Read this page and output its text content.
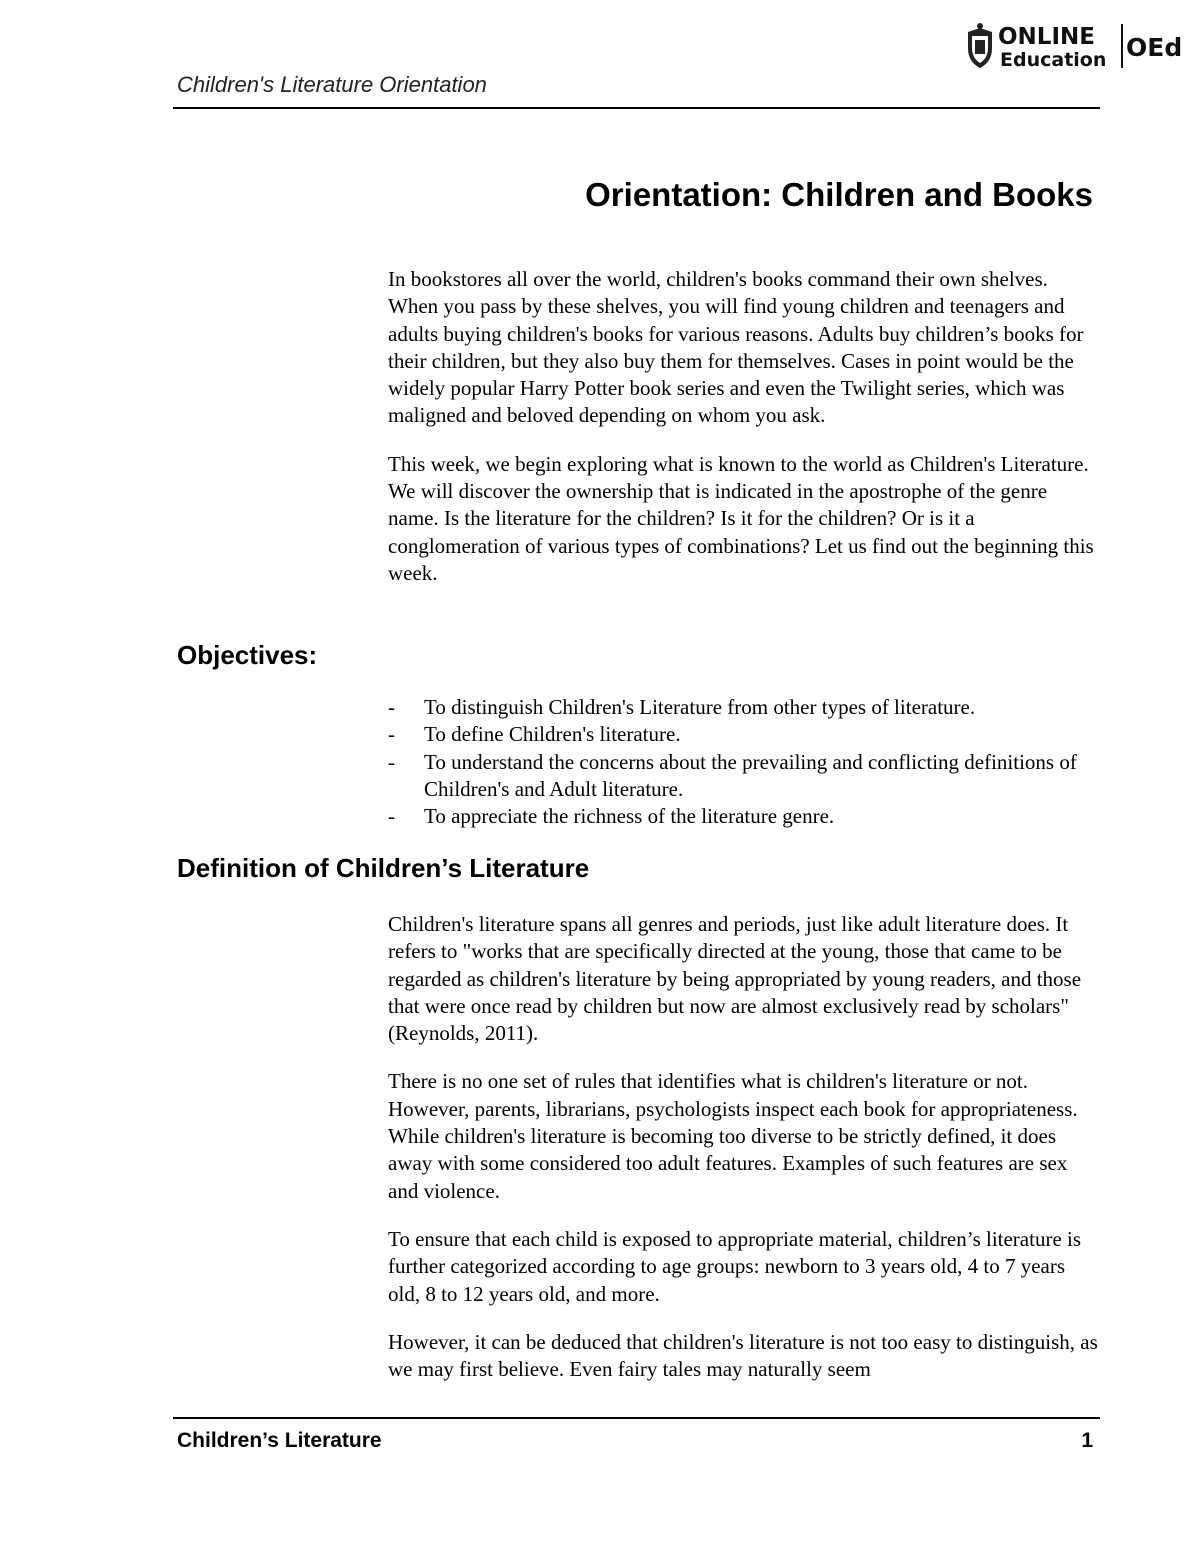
Children's Literature Orientation
ONLINE
Education OEd
Orientation: Children and Books

In bookstores all over the world, children's books command their own shelves. When you pass by these shelves, you will find young children and teenagers and adults buying children's books for various reasons. Adults buy children’s books for their children, but they also buy them for themselves. Cases in point would be the widely popular Harry Potter book series and even the Twilight series, which was maligned and beloved depending on whom you ask.

This week, we begin exploring what is known to the world as Children's Literature. We will discover the ownership that is indicated in the apostrophe of the genre name. Is the literature for the children? Is it for the children? Or is it a conglomeration of various types of combinations? Let us find out the beginning this week.

Objectives:
- To distinguish Children's Literature from other types of literature.
- To define Children's literature.
- To understand the concerns about the prevailing and conflicting definitions of Children's and Adult literature.
- To appreciate the richness of the literature genre.
Definition of Children’s Literature

Children's literature spans all genres and periods, just like adult literature does. It refers to "works that are specifically directed at the young, those that came to be regarded as children's literature by being appropriated by young readers, and those that were once read by children but now are almost exclusively read by scholars" (Reynolds, 2011).

There is no one set of rules that identifies what is children's literature or not. However, parents, librarians, psychologists inspect each book for appropriateness. While children's literature is becoming too diverse to be strictly defined, it does away with some considered too adult features. Examples of such features are sex and violence.

To ensure that each child is exposed to appropriate material, children’s literature is further categorized according to age groups: newborn to 3 years old, 4 to 7 years old, 8 to 12 years old, and more.

However, it can be deduced that children's literature is not too easy to distinguish, as we may first believe. Even fairy tales may naturally seem

Children’s Literature	1
